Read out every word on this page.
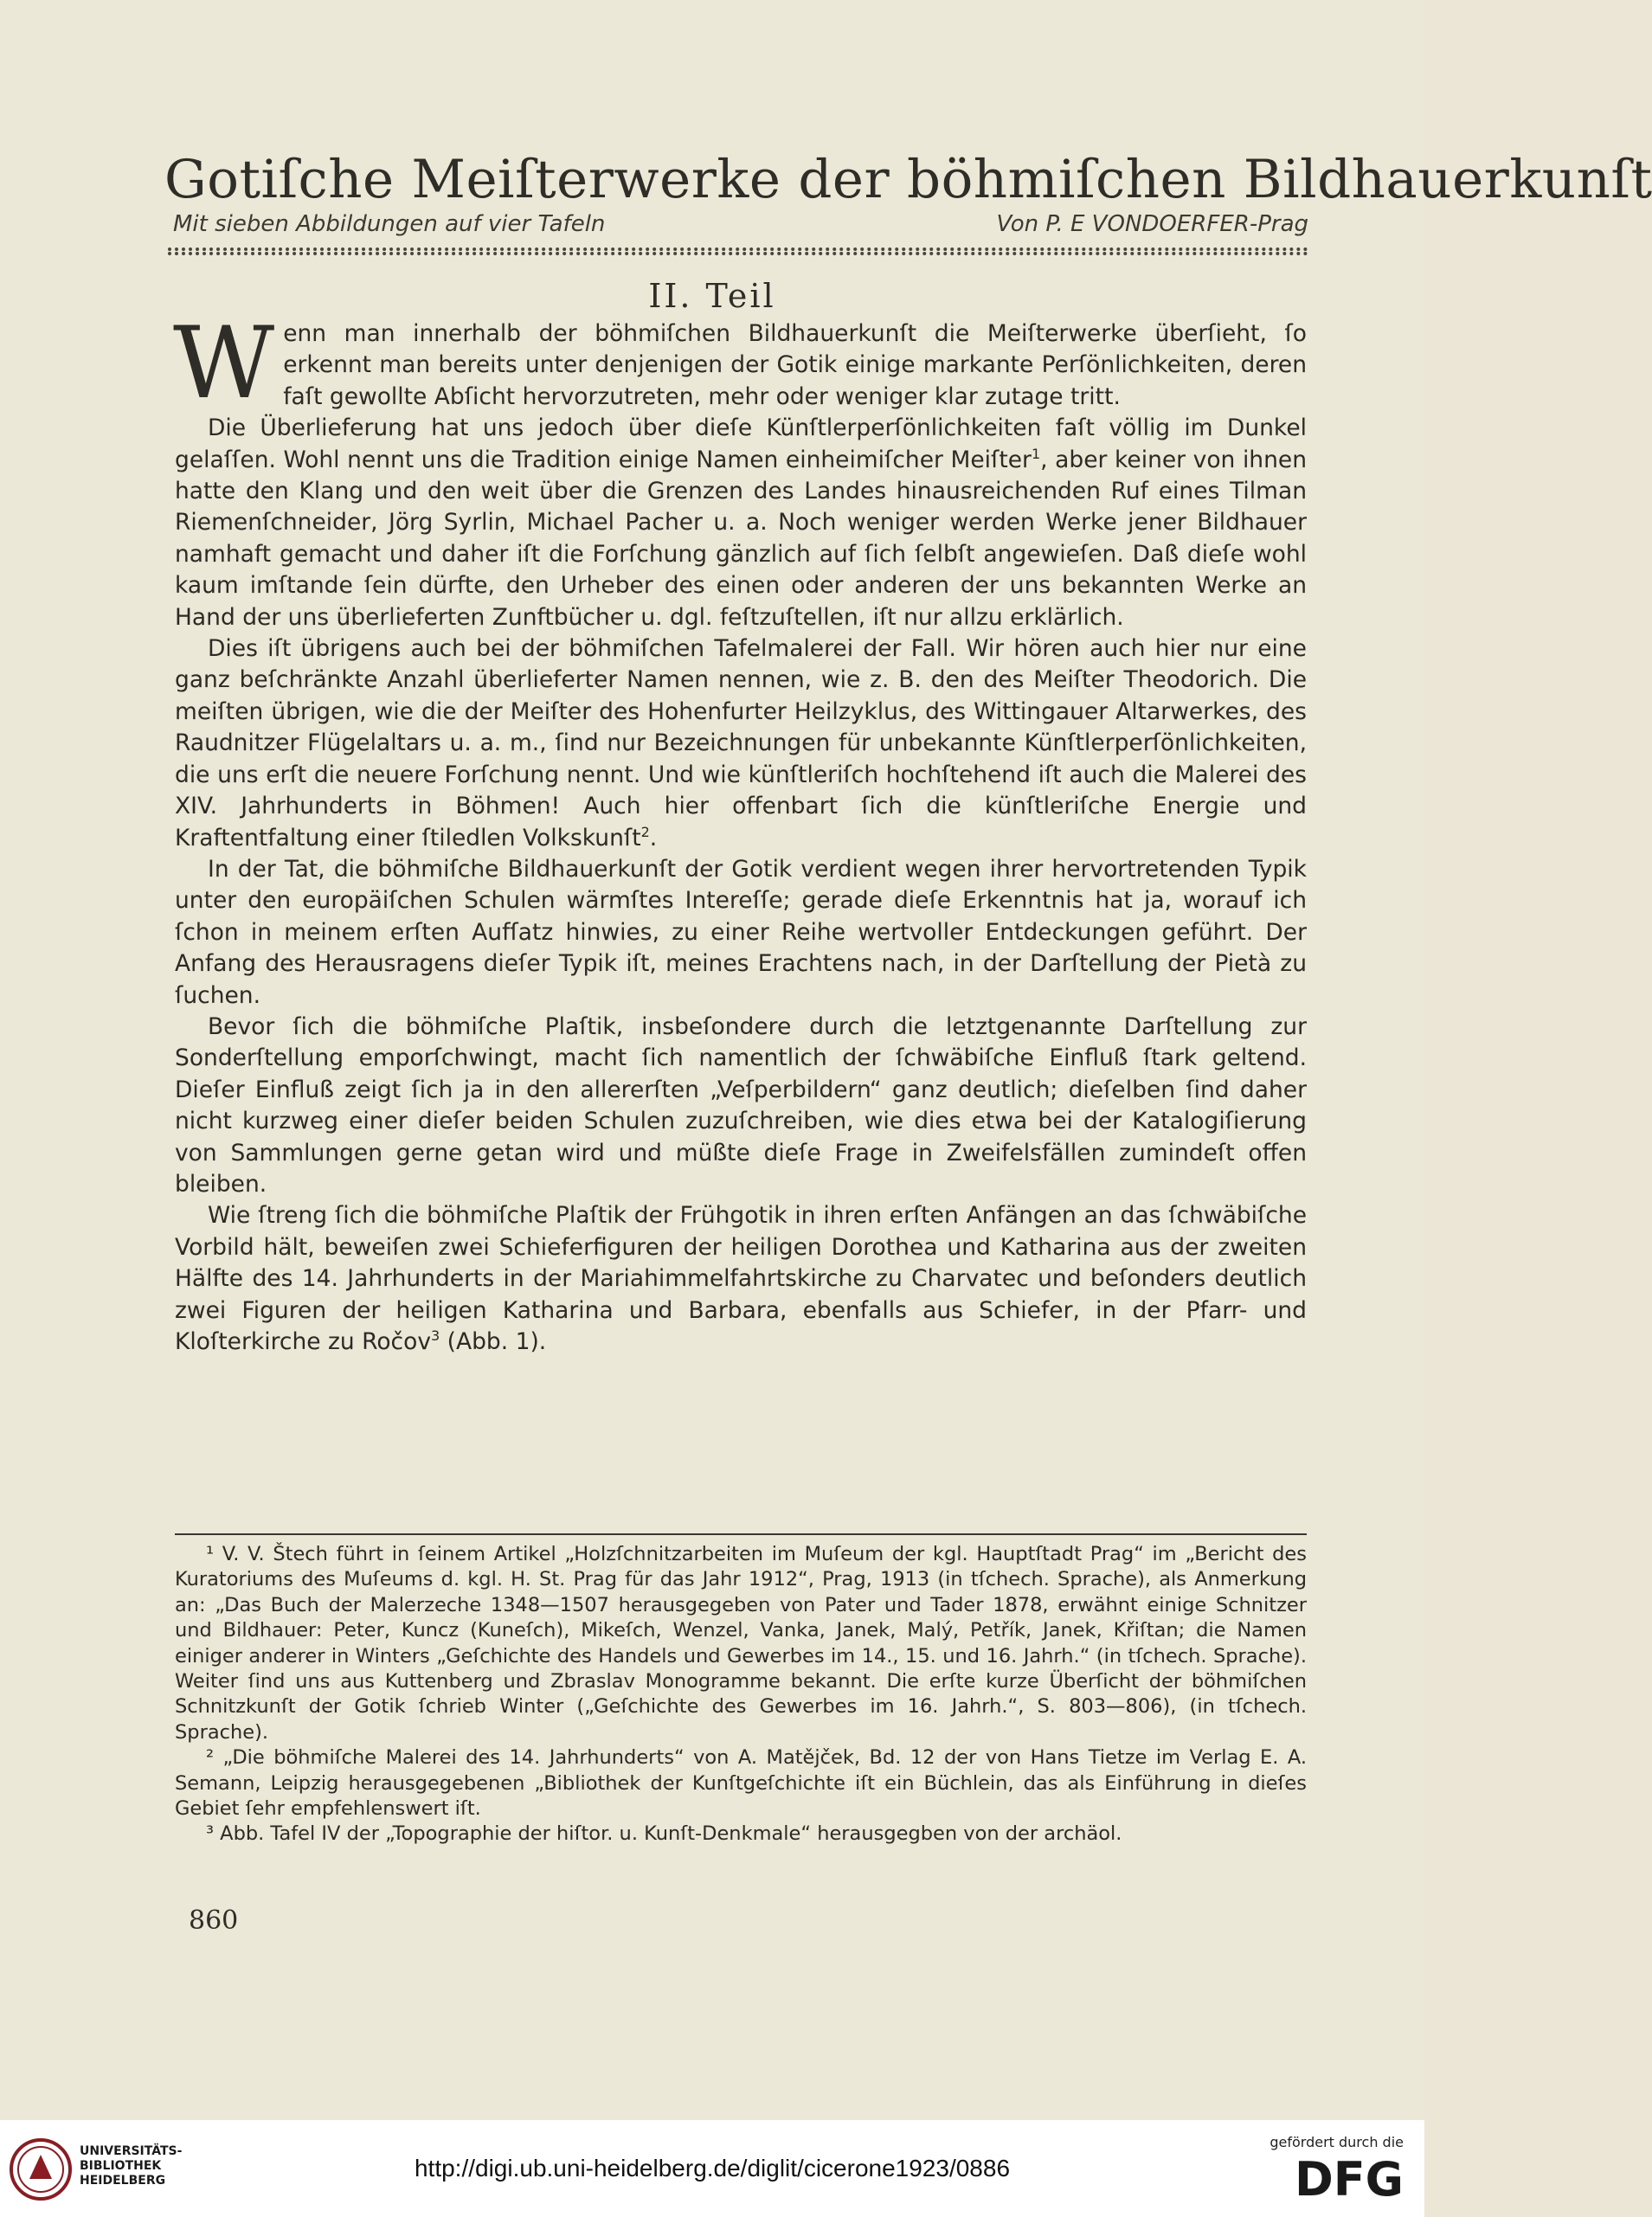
Gotiſche Meiſterwerke der böhmiſchen Bildhauerkunſt
Mit sieben Abbildungen auf vier Tafeln	Von P. E VONDOERFER-Prag
II. Teil

Wenn man innerhalb der böhmiſchen Bildhauerkunſt die Meiſterwerke überſieht, ſo erkennt man bereits unter denjenigen der Gotik einige markante Perſönlichkeiten, deren faſt gewollte Abſicht hervorzutreten, mehr oder weniger klar zutage tritt.

Die Überlieferung hat uns jedoch über dieſe Künſtlerperſönlichkeiten faſt völlig im Dunkel gelaſſen. Wohl nennt uns die Tradition einige Namen einheimiſcher Meiſter$^1$, aber keiner von ihnen hatte den Klang und den weit über die Grenzen des Landes hinausreichenden Ruf eines Tilman Riemenſchneider, Jörg Syrlin, Michael Pacher u. a. Noch weniger werden Werke jener Bildhauer namhaft gemacht und daher iſt die Forſchung gänzlich auf ſich ſelbſt angewieſen. Daß dieſe wohl kaum imſtande ſein dürfte, den Urheber des einen oder anderen der uns bekannten Werke an Hand der uns überlieferten Zunftbücher u. dgl. feſtzuſtellen, iſt nur allzu erklärlich.

Dies iſt übrigens auch bei der böhmiſchen Tafelmalerei der Fall. Wir hören auch hier nur eine ganz beſchränkte Anzahl überlieferter Namen nennen, wie z. B. den des Meiſter Theodorich. Die meiſten übrigen, wie die der Meiſter des Hohenfurter Heilzyklus, des Wittingauer Altarwerkes, des Raudnitzer Flügelaltars u. a. m., ſind nur Bezeichnungen für unbekannte Künſtlerperſönlichkeiten, die uns erſt die neuere Forſchung nennt. Und wie künſtleriſch hochſtehend iſt auch die Malerei des XIV. Jahrhunderts in Böhmen! Auch hier offenbart ſich die künſtleriſche Energie und Kraftentfaltung einer ſtiledlen Volkskunſt$^2$.

In der Tat, die böhmiſche Bildhauerkunſt der Gotik verdient wegen ihrer hervortretenden Typik unter den europäiſchen Schulen wärmſtes Intereſſe; gerade dieſe Erkenntnis hat ja, worauf ich ſchon in meinem erſten Aufſatz hinwies, zu einer Reihe wertvoller Entdeckungen geführt. Der Anfang des Herausragens dieſer Typik iſt, meines Erachtens nach, in der Darſtellung der Pietà zu ſuchen.

Bevor ſich die böhmiſche Plaſtik, insbeſondere durch die letztgenannte Darſtellung zur Sonderſtellung emporſchwingt, macht ſich namentlich der ſchwäbiſche Einfluß ſtark geltend. Dieſer Einfluß zeigt ſich ja in den allererſten „Veſperbildern“ ganz deutlich; dieſelben ſind daher nicht kurzweg einer dieſer beiden Schulen zuzuſchreiben, wie dies etwa bei der Katalogiſierung von Sammlungen gerne getan wird und müßte dieſe Frage in Zweifelsfällen zumindeſt offen bleiben.

Wie ſtreng ſich die böhmiſche Plaſtik der Frühgotik in ihren erſten Anfängen an das ſchwäbiſche Vorbild hält, beweiſen zwei Schieferfiguren der heiligen Dorothea und Katharina aus der zweiten Hälfte des 14. Jahrhunderts in der Mariahimmelfahrtskirche zu Charvatec und beſonders deutlich zwei Figuren der heiligen Katharina und Barbara, ebenfalls aus Schiefer, in der Pfarr- und Kloſterkirche zu Ročov$^3$ (Abb. 1).

¹ V. V. Štech führt in ſeinem Artikel „Holzſchnitzarbeiten im Muſeum der kgl. Hauptſtadt Prag“ im „Bericht des Kuratoriums des Muſeums d. kgl. H. St. Prag für das Jahr 1912“, Prag, 1913 (in tſchech. Sprache), als Anmerkung an: „Das Buch der Malerzeche 1348—1507 herausgegeben von Pater und Tader 1878, erwähnt einige Schnitzer und Bildhauer: Peter, Kuncz (Kuneſch), Mikeſch, Wenzel, Vanka, Janek, Malý, Petřík, Janek, Křiſtan; die Namen einiger anderer in Winters „Geſchichte des Handels und Gewerbes im 14., 15. und 16. Jahrh.“ (in tſchech. Sprache). Weiter ſind uns aus Kuttenberg und Zbraslav Monogramme bekannt. Die erſte kurze Überſicht der böhmiſchen Schnitzkunſt der Gotik ſchrieb Winter („Geſchichte des Gewerbes im 16. Jahrh.“, S. 803—806), (in tſchech. Sprache).

² „Die böhmiſche Malerei des 14. Jahrhunderts“ von A. Matějček, Bd. 12 der von Hans Tietze im Verlag E. A. Semann, Leipzig herausgegebenen „Bibliothek der Kunſtgeſchichte iſt ein Büchlein, das als Einführung in dieſes Gebiet ſehr empfehlenswert iſt.

³ Abb. Tafel IV der „Topographie der hiſtor. u. Kunſt-Denkmale“ herausgegben von der archäol.

860
UNIVERSITÄTS-
BIBLIOTHEK
HEIDELBERG	http://digi.ub.uni-heidelberg.de/diglit/cicerone1923/0886
gefördert durch die
DFG
